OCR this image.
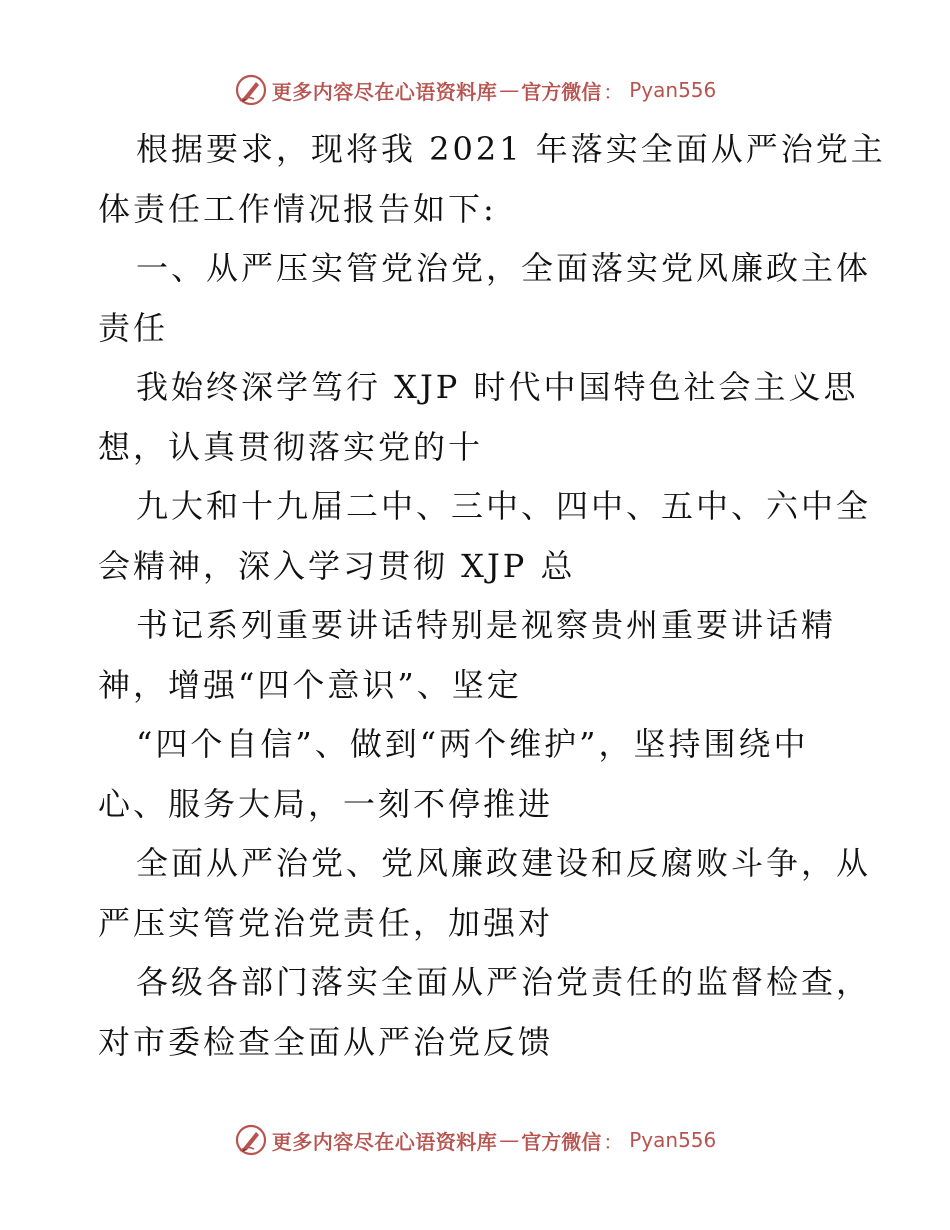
更多内容尽在心语资料库 — 官方微信 ： Pyan556
根据要求，现将我 2021 年落实全面从严治党主
体责任工作情况报告如下:
一、从严压实管党治党，全面落实党风廉政主体
责任
我始终深学笃行 XJP 时代中国特色社会主义思
想，认真贯彻落实党的十
九大和十九届二中、三中、四中、五中、六中全
会精神，深入学习贯彻 XJP 总
书记系列重要讲话特别是视察贵州重要讲话精
神，增强“四个意识”、坚定
“四个自信”、做到“两个维护”，坚持围绕中
心、服务大局，一刻不停推进
全面从严治党、党风廉政建设和反腐败斗争，从
严压实管党治党责任，加强对
各级各部门落实全面从严治党责任的监督检查，
对市委检查全面从严治党反馈
更多内容尽在心语资料库 — 官方微信 ： Pyan556
